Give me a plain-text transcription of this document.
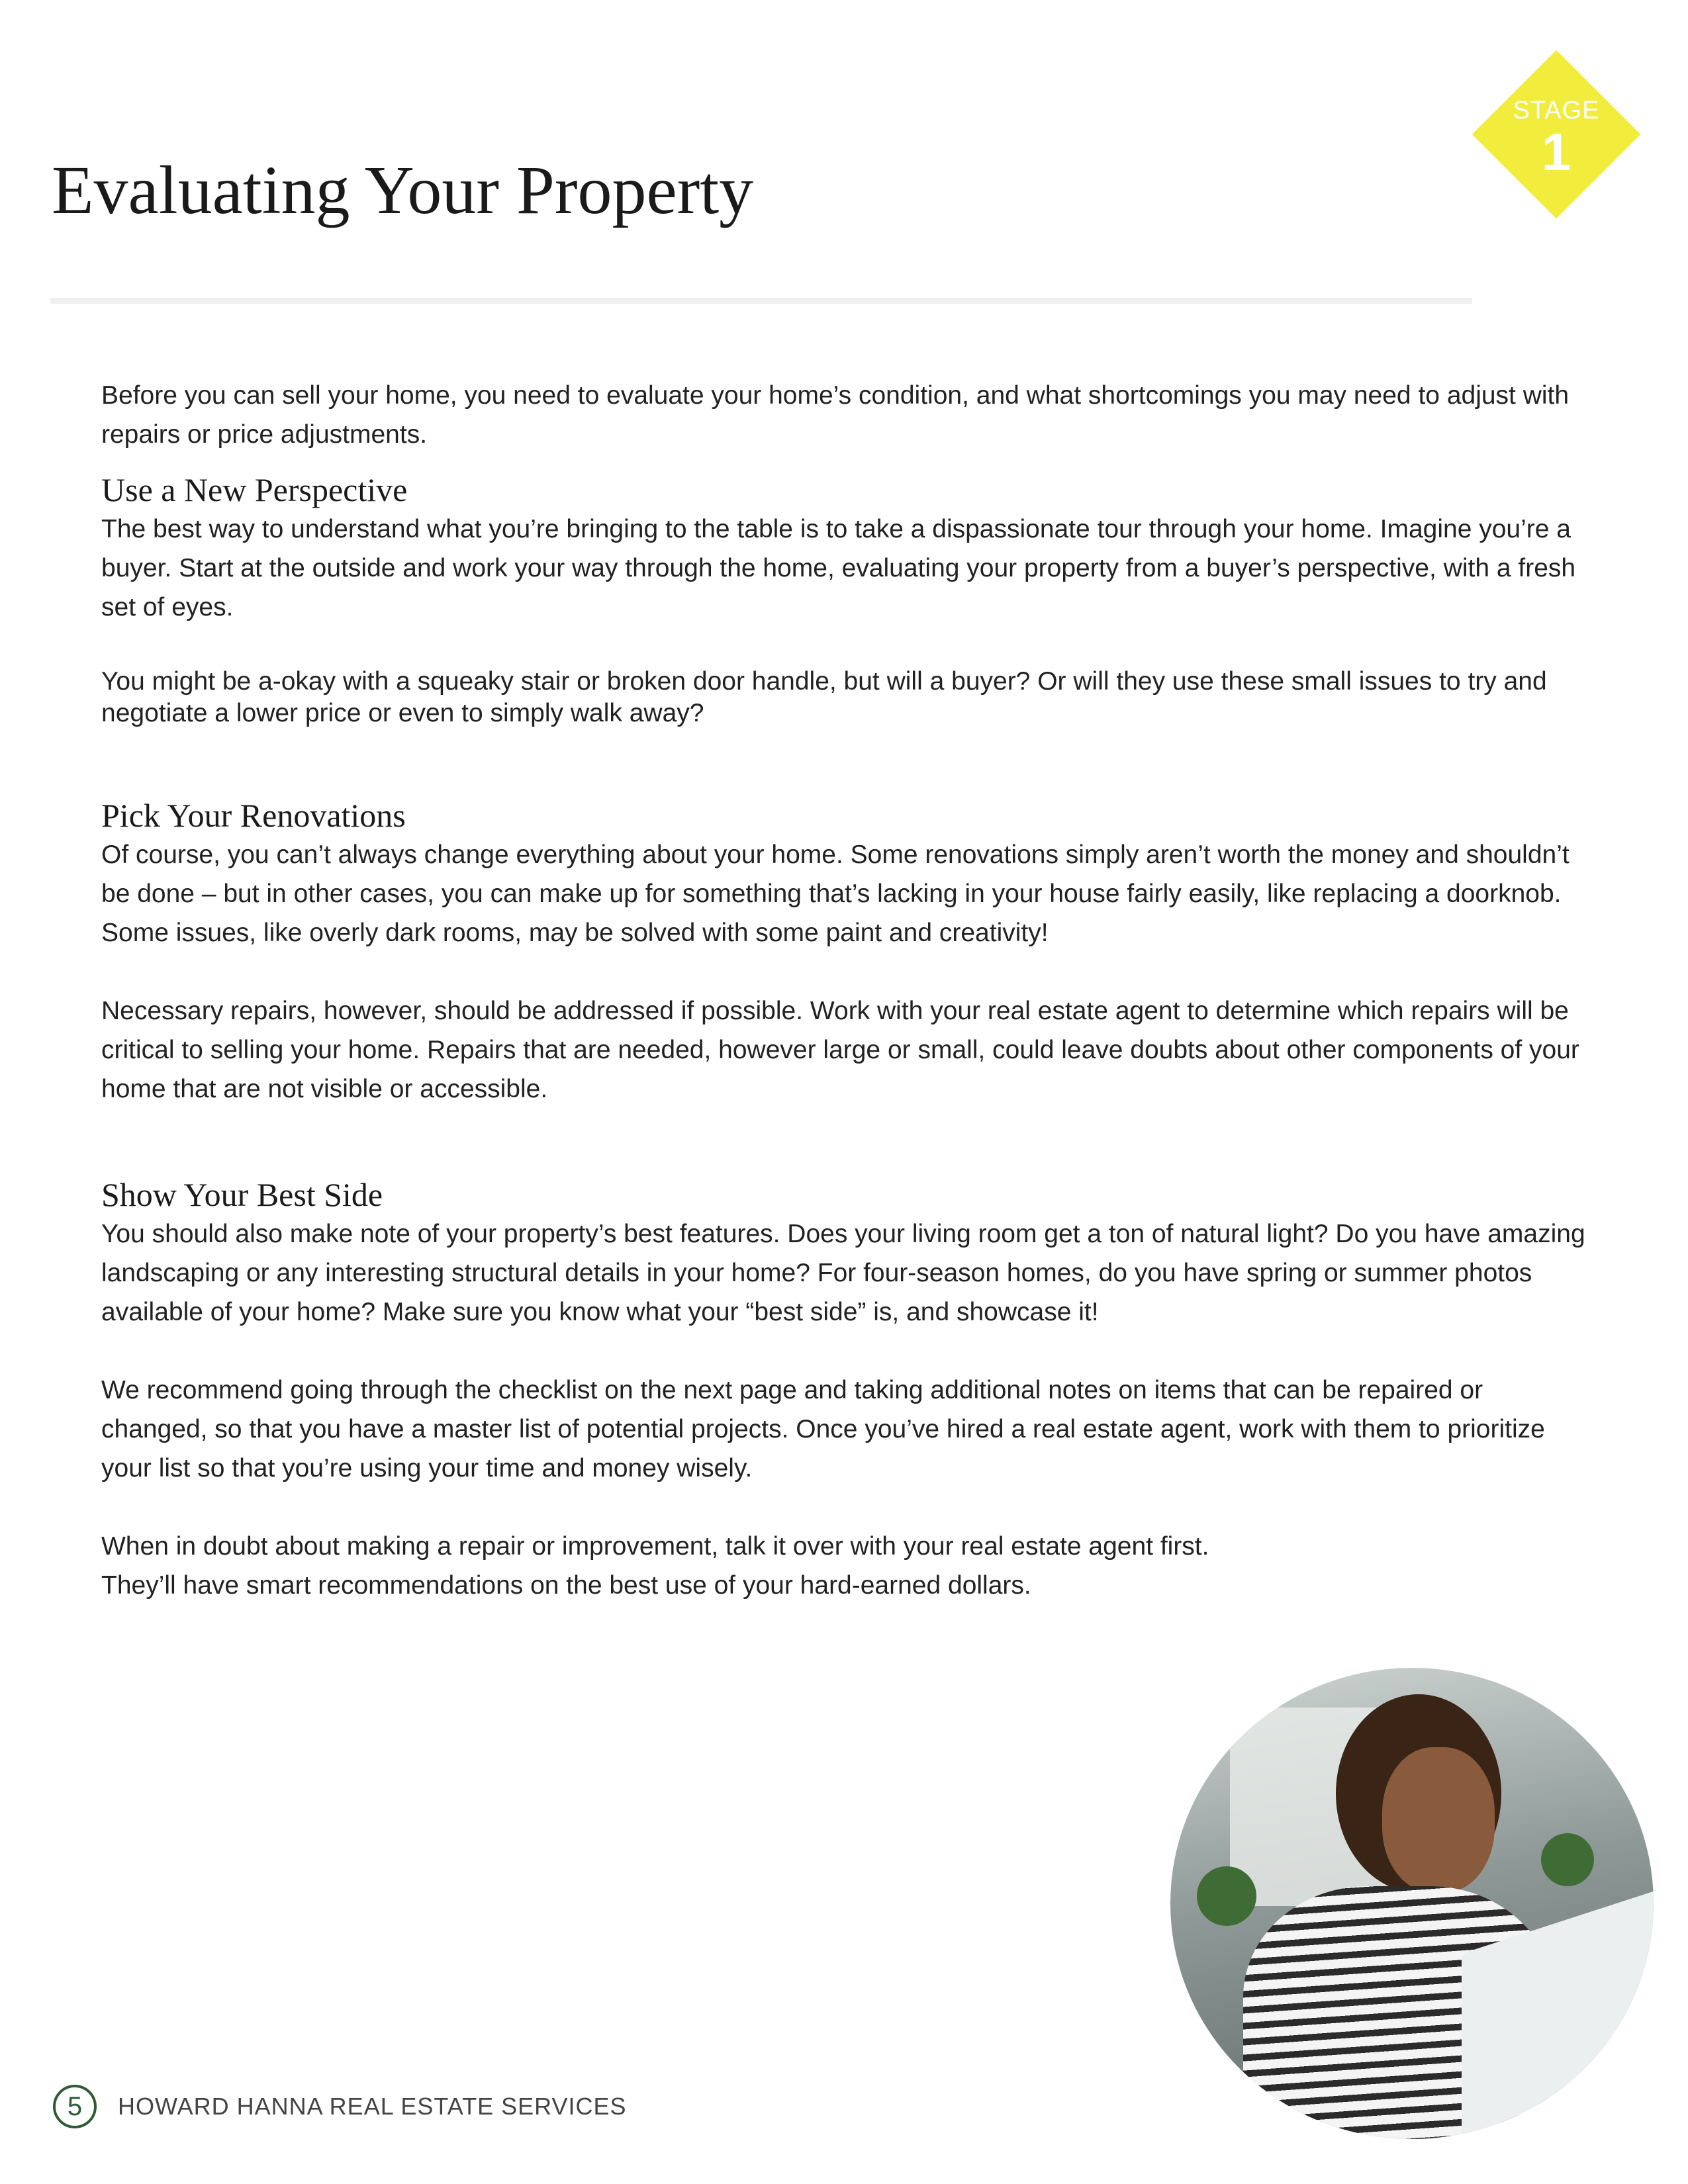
Evaluating Your Property
STAGE
1

Before you can sell your home, you need to evaluate your home’s condition, and what shortcomings you may need to adjust with repairs or price adjustments.

Use a New Perspective

The best way to understand what you’re bringing to the table is to take a dispassionate tour through your home. Imagine you’re a buyer. Start at the outside and work your way through the home, evaluating your property from a buyer’s perspective, with a fresh set of eyes.

You might be a-okay with a squeaky stair or broken door handle, but will a buyer? Or will they use these small issues to try and negotiate a lower price or even to simply walk away?

Pick Your Renovations

Of course, you can’t always change everything about your home. Some renovations simply aren’t worth the money and shouldn’t be done – but in other cases, you can make up for something that’s lacking in your house fairly easily, like replacing a doorknob. Some issues, like overly dark rooms, may be solved with some paint and creativity!

Necessary repairs, however, should be addressed if possible. Work with your real estate agent to determine which repairs will be critical to selling your home. Repairs that are needed, however large or small, could leave doubts about other components of your home that are not visible or accessible.

Show Your Best Side

You should also make note of your property’s best features. Does your living room get a ton of natural light? Do you have amazing landscaping or any interesting structural details in your home? For four-season homes, do you have spring or summer photos available of your home? Make sure you know what your “best side” is, and showcase it!

We recommend going through the checklist on the next page and taking additional notes on items that can be repaired or changed, so that you have a master list of potential projects. Once you’ve hired a real estate agent, work with them to prioritize your list so that you’re using your time and money wisely.

When in doubt about making a repair or improvement, talk it over with your real estate agent first.

They’ll have smart recommendations on the best use of your hard-earned dollars.

5	HOWARD HANNA REAL ESTATE SERVICES
